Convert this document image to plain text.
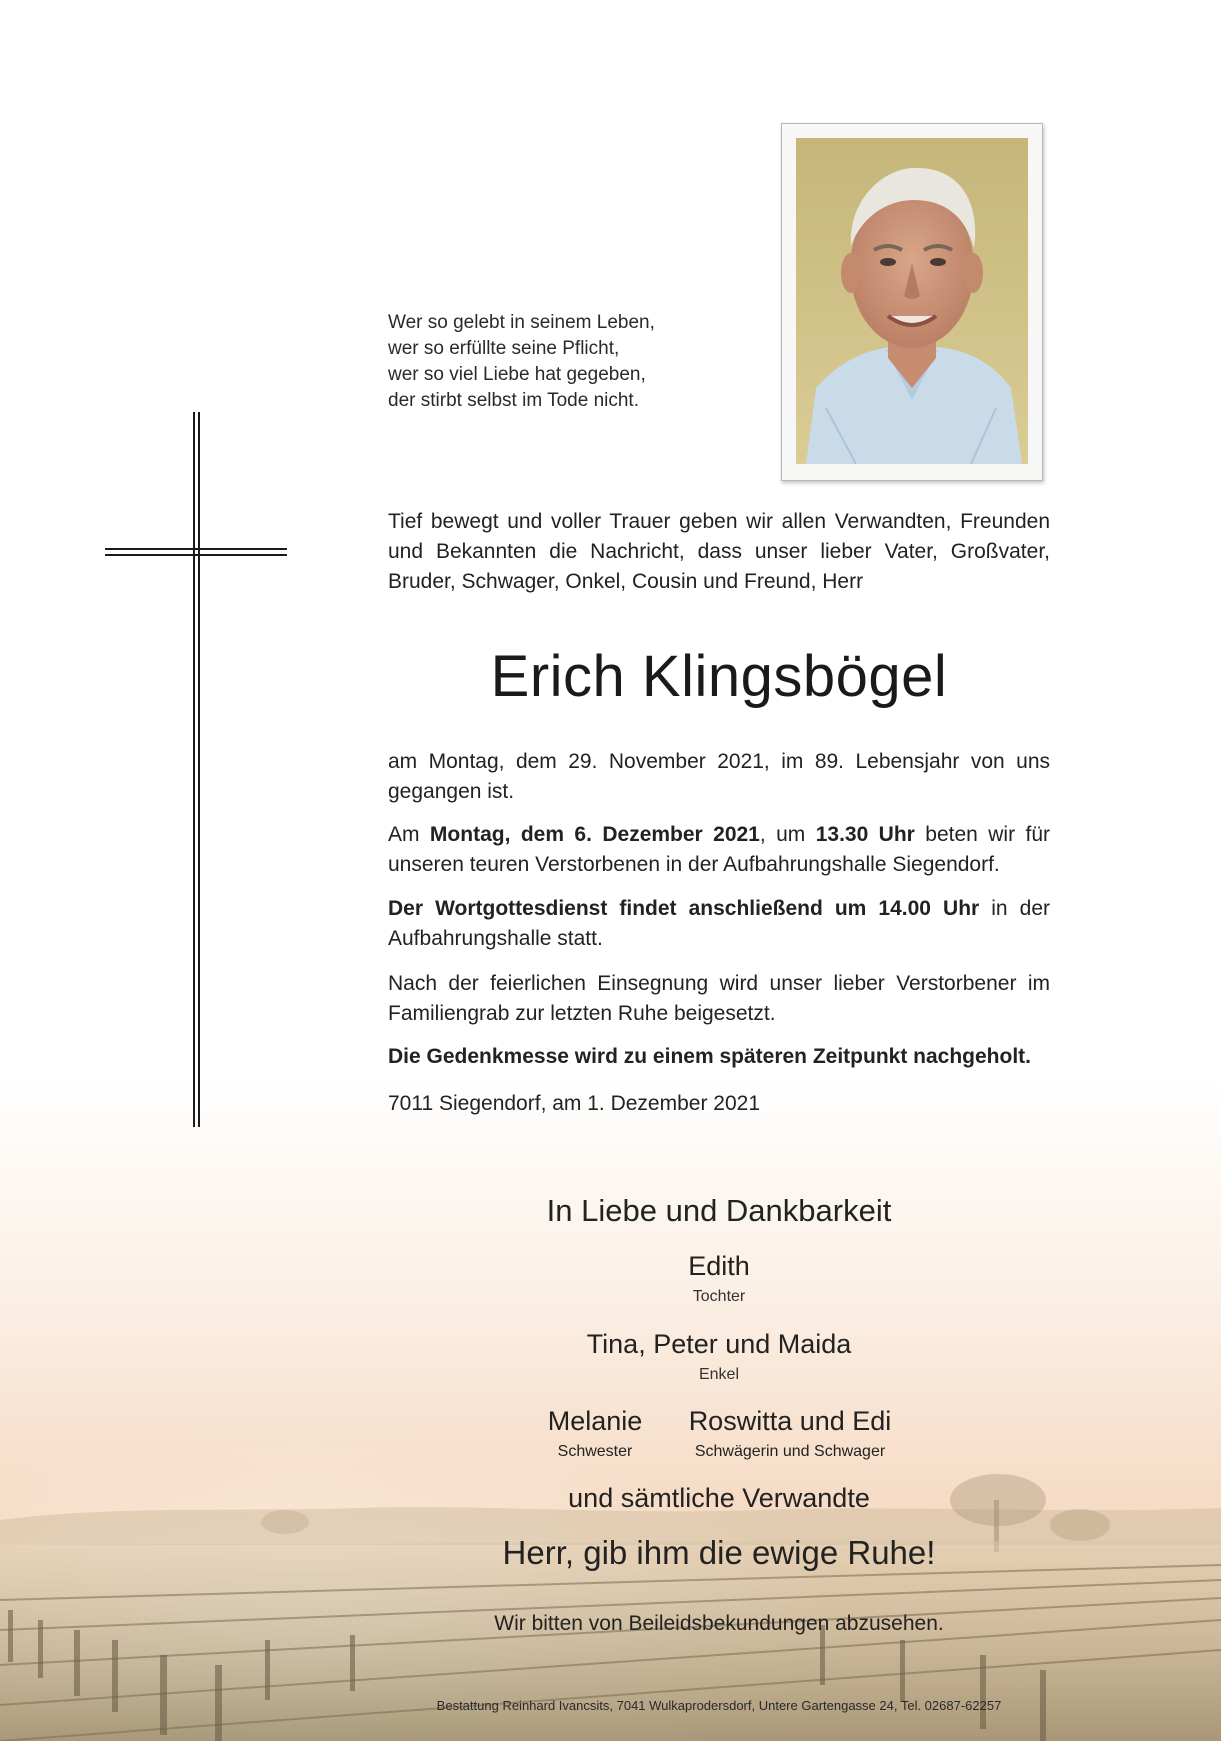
Wer so gelebt in seinem Leben,
wer so erfüllte seine Pflicht,
wer so viel Liebe hat gegeben,
der stirbt selbst im Tode nicht.
Tief bewegt und voller Trauer geben wir allen Verwandten, Freunden und Bekannten die Nachricht, dass unser lieber Vater, Großvater, Bruder, Schwager, Onkel, Cousin und Freund, Herr
Erich Klingsbögel
am Montag, dem 29. November 2021, im 89. Lebensjahr von uns gegangen ist.
Am Montag, dem 6. Dezember 2021, um 13.30 Uhr beten wir für unseren teuren Verstorbenen in der Aufbahrungshalle Siegendorf.
Der Wortgottesdienst findet anschließend um 14.00 Uhr in der Aufbahrungshalle statt.
Nach der feierlichen Einsegnung wird unser lieber Verstorbener im Familiengrab zur letzten Ruhe beigesetzt.
Die Gedenkmesse wird zu einem späteren Zeitpunkt nachgeholt.
7011 Siegendorf, am 1. Dezember 2021
In Liebe und Dankbarkeit
Edith
Tochter
Tina, Peter und Maida
Enkel
Melanie
Schwester
Roswitta und Edi
Schwägerin und Schwager
und sämtliche Verwandte
Herr, gib ihm die ewige Ruhe!
Wir bitten von Beileidsbekundungen abzusehen.
Bestattung Reinhard Ivancsits, 7041 Wulkaprodersdorf, Untere Gartengasse 24, Tel. 02687-62257
